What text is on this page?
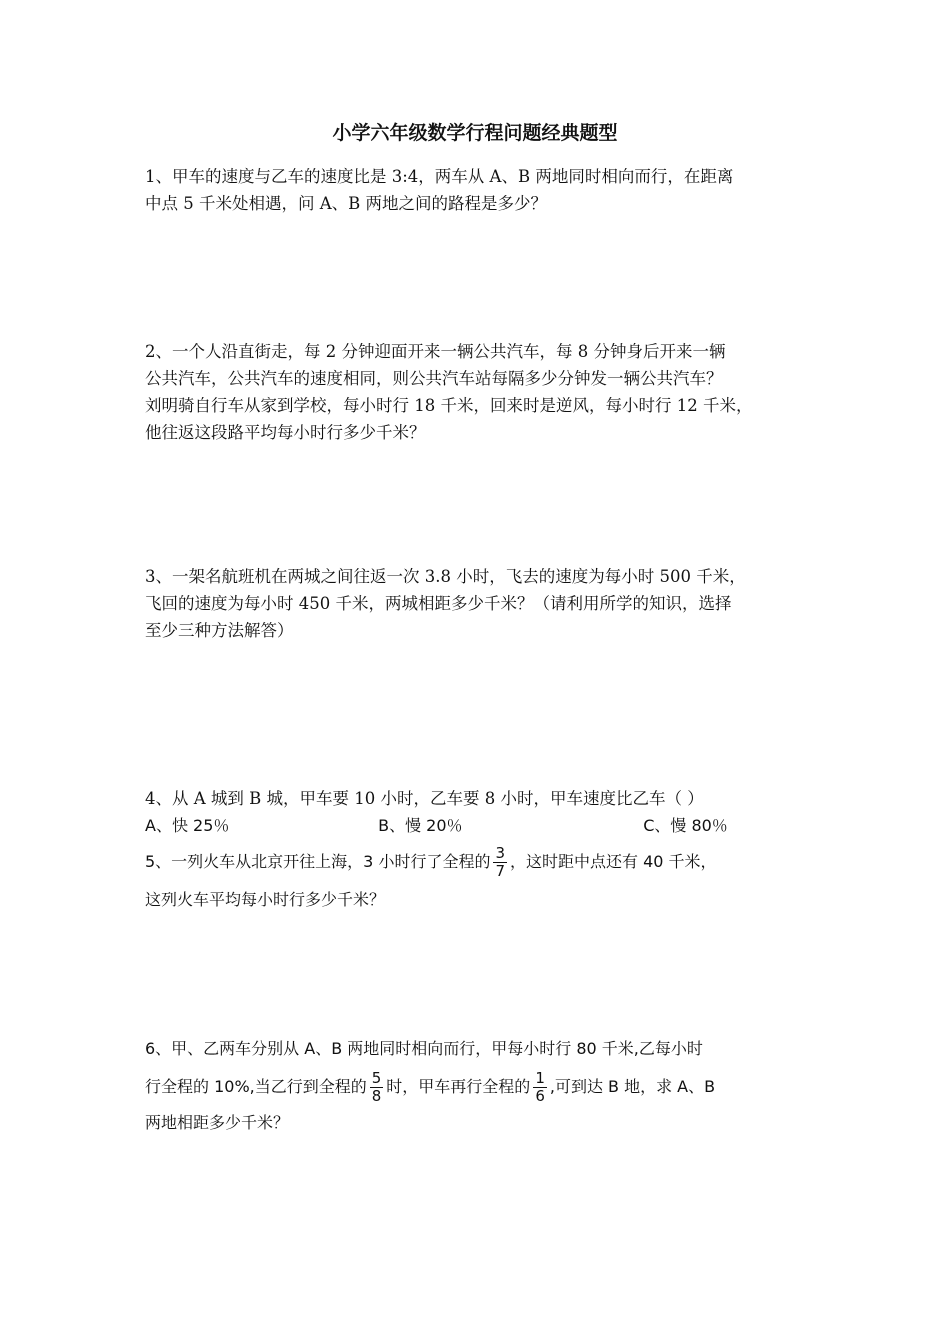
小学六年级数学行程问题经典题型
1、甲车的速度与乙车的速度比是 3:4，两车从 A、B 两地同时相向而行，在距离
中点 5 千米处相遇，问 A、B 两地之间的路程是多少？
2、一个人沿直街走，每 2 分钟迎面开来一辆公共汽车，每 8 分钟身后开来一辆
公共汽车，公共汽车的速度相同，则公共汽车站每隔多少分钟发一辆公共汽车？
刘明骑自行车从家到学校，每小时行 18 千米，回来时是逆风，每小时行 12 千米，
他往返这段路平均每小时行多少千米？
3、一架名航班机在两城之间往返一次 3.8 小时，飞去的速度为每小时 500 千米，
飞回的速度为每小时 450 千米，两城相距多少千米？（请利用所学的知识，选择
至少三种方法解答）
4、从 A 城到 B 城，甲车要 10 小时，乙车要 8 小时，甲车速度比乙车（ ）
A、快 25％	B、慢 20％	C、慢 80％
5、一列火车从北京开往上海，3 小时行了全程的 $\frac{3}{7}$ ，这时距中点还有 40 千米，
这列火车平均每小时行多少千米？
6、甲、乙两车分别从 A、B 两地同时相向而行，甲每小时行 80 千米,乙每小时
行全程的 10%,当乙行到全程的 $\frac{5}{8}$ 时，甲车再行全程的 $\frac{1}{6}$ ,可到达 B 地，求 A、B
两地相距多少千米？
